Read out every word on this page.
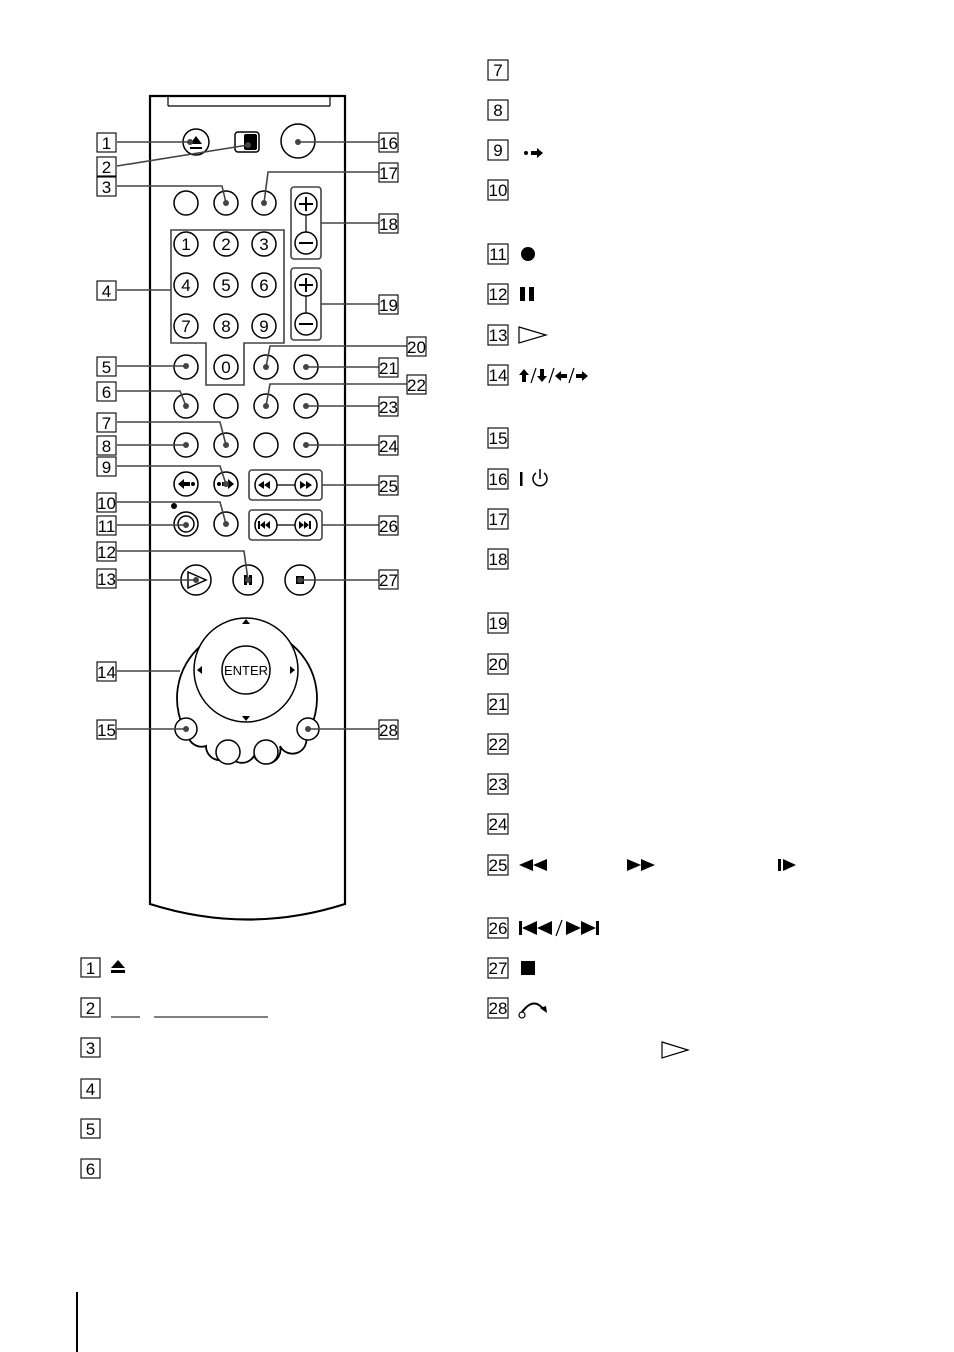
1 2 3
4 5 6
7 8 9
0
ENTER
1
2
3
4
5
6
7
8
9
10
11
12
13
14
15
16
17
18
19
20
21
22
23
24
25
26
27
28
1
2
3
4
5
6
7
8
9
10
11
12
13
14
15
16
17
18
19
20
21
22
23
24
25
26
27
28
